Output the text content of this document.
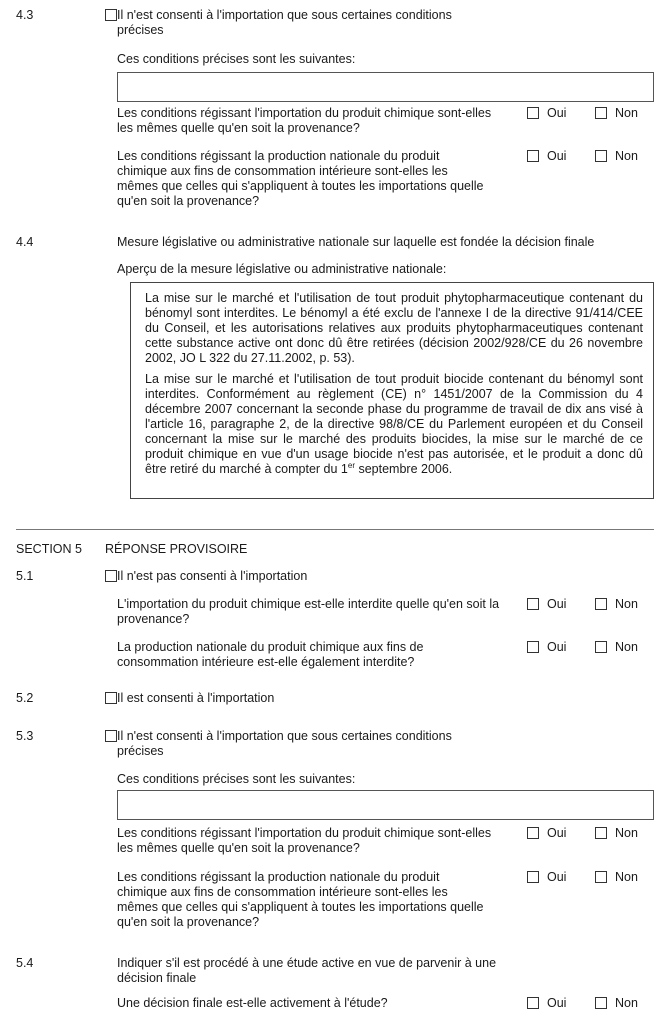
4.3	Il n'est consenti à l'importation que sous certaines conditions précises
Ces conditions précises sont les suivantes:
Les conditions régissant l'importation du produit chimique sont-elles les mêmes quelle qu'en soit la provenance?
Oui	Non
Les conditions régissant la production nationale du produit chimique aux fins de consommation intérieure sont-elles les mêmes que celles qui s'appliquent à toutes les importations quelle qu'en soit la provenance?
Oui	Non
4.4	Mesure législative ou administrative nationale sur laquelle est fondée la décision finale
Aperçu de la mesure législative ou administrative nationale:

La mise sur le marché et l'utilisation de tout produit phytopharmaceutique contenant du bénomyl sont interdites. Le bénomyl a été exclu de l'annexe I de la directive 91/414/CEE du Conseil, et les autorisations relatives aux produits phytopharmaceutiques contenant cette substance active ont donc dû être retirées (décision 2002/928/CE du 26 novembre 2002, JO L 322 du 27.11.2002, p. 53).

La mise sur le marché et l'utilisation de tout produit biocide contenant du bénomyl sont interdites. Conformément au règlement (CE) n° 1451/2007 de la Commission du 4 décembre 2007 concernant la seconde phase du programme de travail de dix ans visé à l'article 16, paragraphe 2, de la directive 98/8/CE du Parlement européen et du Conseil concernant la mise sur le marché des produits biocides, la mise sur le marché de ce produit chimique en vue d'un usage biocide n'est pas autorisée, et le produit a donc dû être retiré du marché à compter du 1er septembre 2006.

SECTION 5 RÉPONSE PROVISOIRE
5.1	Il n'est pas consenti à l'importation
L'importation du produit chimique est-elle interdite quelle qu'en soit la provenance?
Oui	Non
La production nationale du produit chimique aux fins de consommation intérieure est-elle également interdite?
Oui	Non
5.2	Il est consenti à l'importation
5.3	Il n'est consenti à l'importation que sous certaines conditions précises
Ces conditions précises sont les suivantes:
Les conditions régissant l'importation du produit chimique sont-elles les mêmes quelle qu'en soit la provenance?
Oui	Non
Les conditions régissant la production nationale du produit chimique aux fins de consommation intérieure sont-elles les mêmes que celles qui s'appliquent à toutes les importations quelle qu'en soit la provenance?
Oui	Non
5.4	Indiquer s'il est procédé à une étude active en vue de parvenir à une décision finale
Une décision finale est-elle activement à l'étude?	Oui	Non
